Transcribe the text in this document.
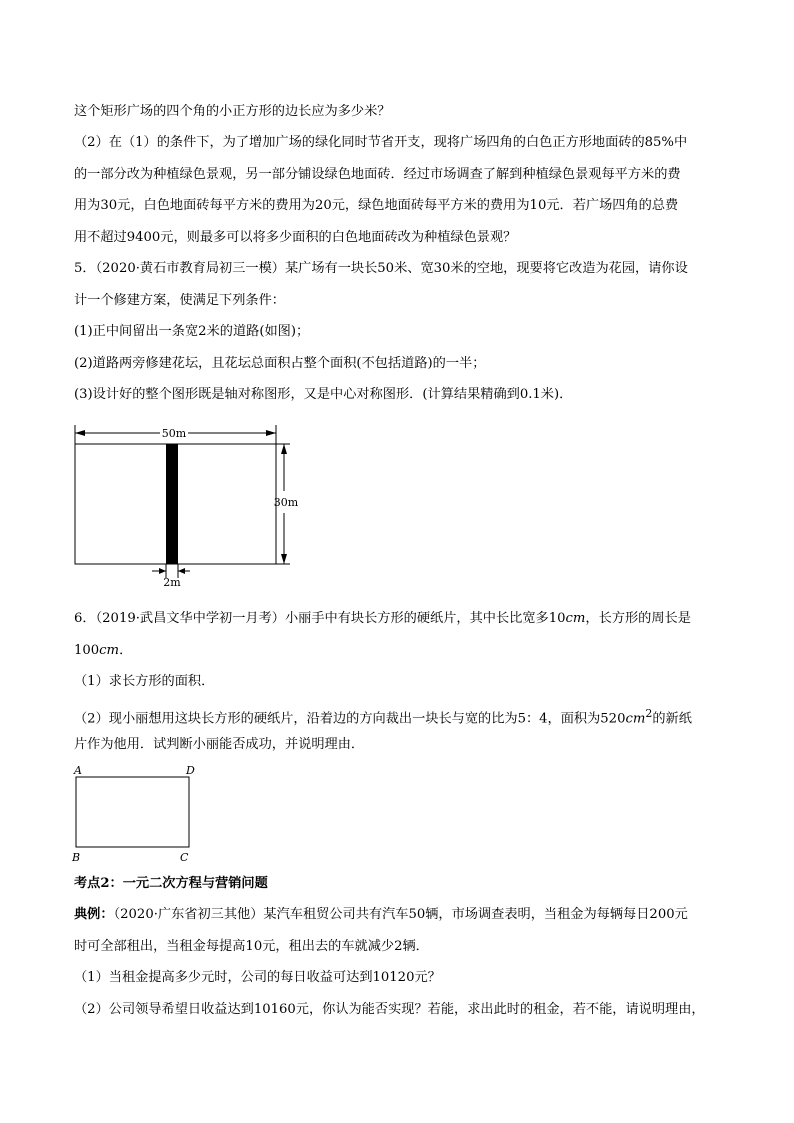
这个矩形广场的四个角的小正方形的边长应为多少米？
（2）在（1）的条件下，为了增加广场的绿化同时节省开支，现将广场四角的白色正方形地面砖的85%中
的一部分改为种植绿色景观，另一部分铺设绿色地面砖．经过市场调查了解到种植绿色景观每平方米的费
用为30元，白色地面砖每平方米的费用为20元，绿色地面砖每平方米的费用为10元．若广场四角的总费
用不超过9400元，则最多可以将多少面积的白色地面砖改为种植绿色景观？
5．（2020·黄石市教育局初三一模）某广场有一块长50米、宽30米的空地，现要将它改造为花园，请你设
计一个修建方案，使满足下列条件：
(1)正中间留出一条宽2米的道路(如图)；
(2)道路两旁修建花坛，且花坛总面积占整个面积(不包括道路)的一半；
(3)设计好的整个图形既是轴对称图形，又是中心对称图形．(计算结果精确到0.1米)．
50m
30m
2m
6．（2019·武昌文华中学初一月考）小丽手中有块长方形的硬纸片，其中长比宽多10cm，长方形的周长是
100cm．
（1）求长方形的面积．
（2）现小丽想用这块长方形的硬纸片，沿着边的方向裁出一块长与宽的比为5：4，面积为$520cm^2$的新纸
片作为他用．试判断小丽能否成功，并说明理由．
A	D
B	C
考点2：一元二次方程与营销问题
典例：（2020·广东省初三其他）某汽车租贸公司共有汽车50辆，市场调查表明，当租金为每辆每日200元
时可全部租出，当租金每提高10元，租出去的车就减少2辆．
（1）当租金提高多少元时，公司的每日收益可达到10120元？
（2）公司领导希望日收益达到10160元，你认为能否实现？若能，求出此时的租金，若不能，请说明理由，
